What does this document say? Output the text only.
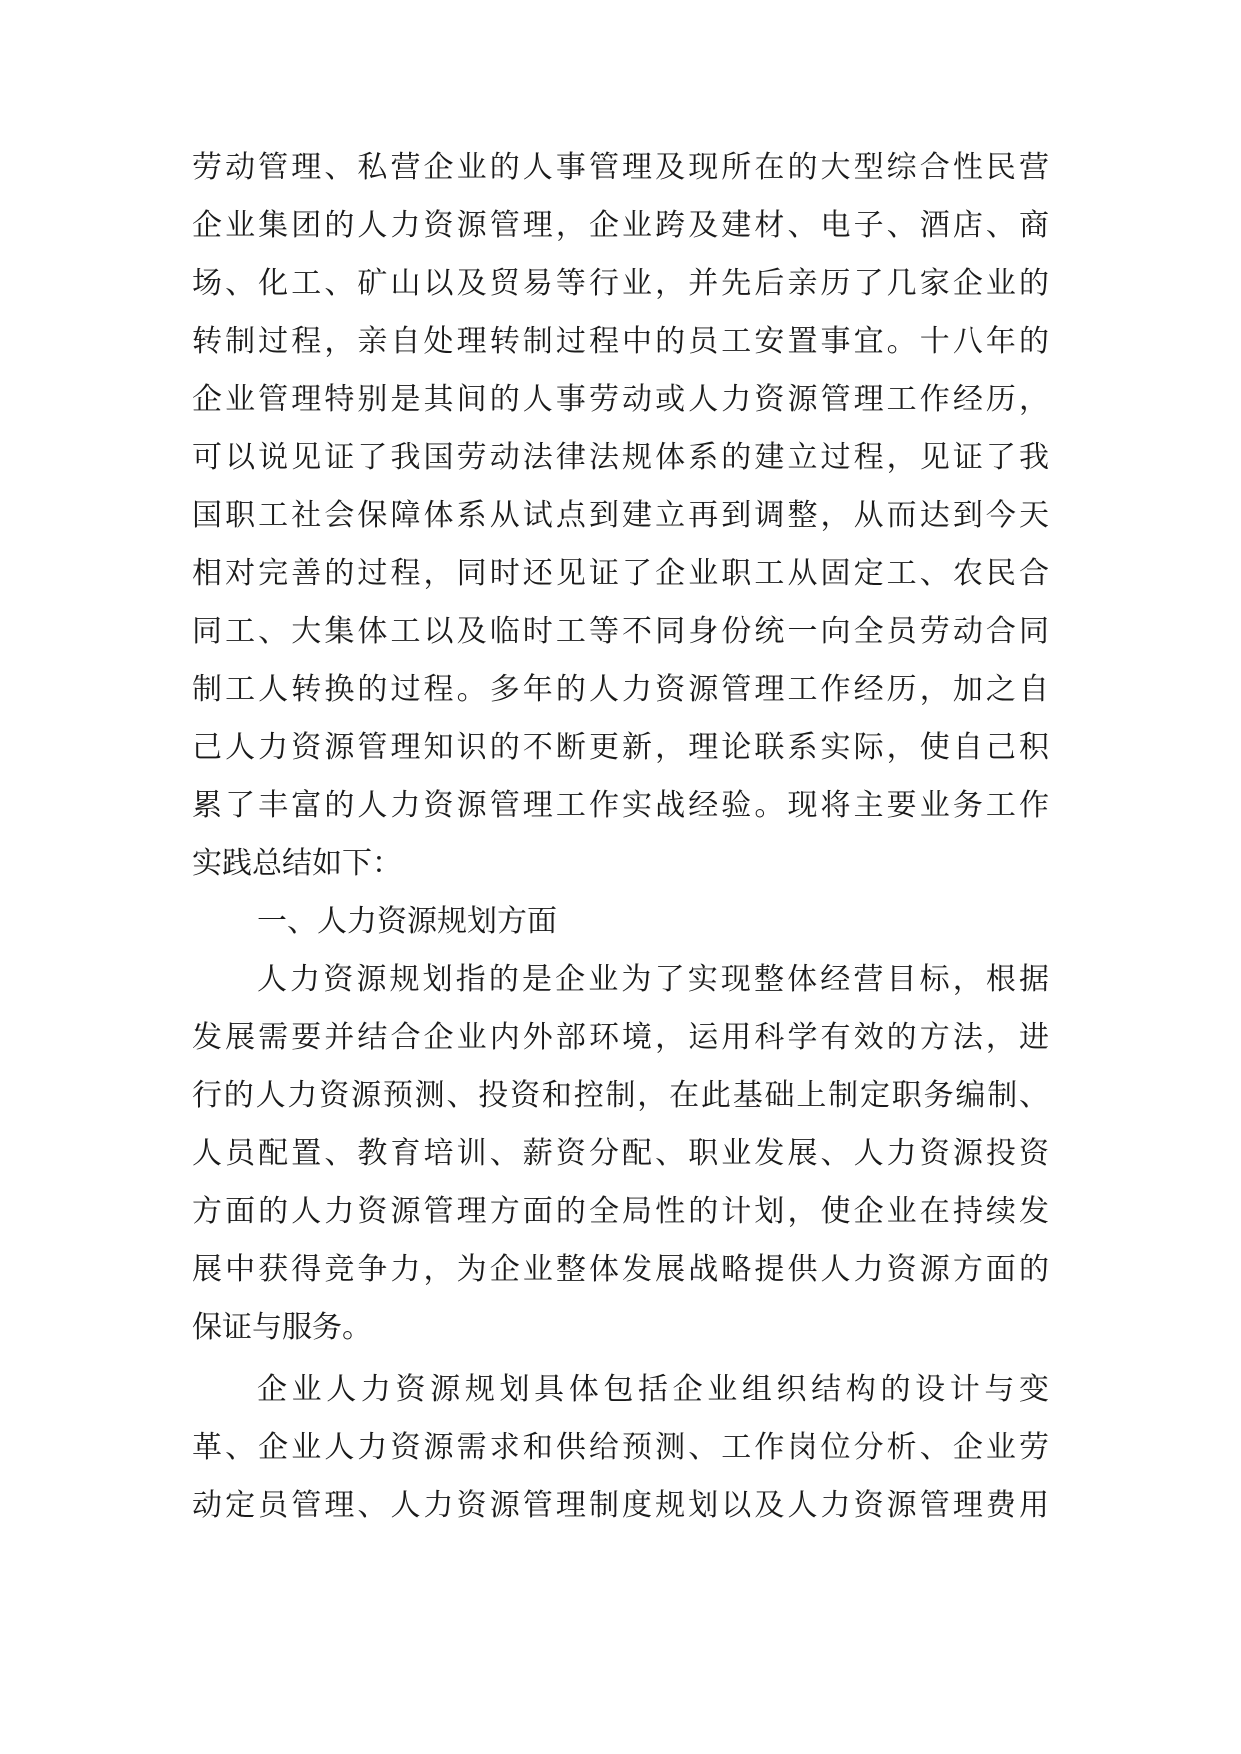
劳动管理、私营企业的人事管理及现所在的大型综合性民营

企业集团的人力资源管理，企业跨及建材、电子、酒店、商

场、化工、矿山以及贸易等行业，并先后亲历了几家企业的

转制过程，亲自处理转制过程中的员工安置事宜。十八年的

企业管理特别是其间的人事劳动或人力资源管理工作经历，

可以说见证了我国劳动法律法规体系的建立过程，见证了我

国职工社会保障体系从试点到建立再到调整，从而达到今天

相对完善的过程，同时还见证了企业职工从固定工、农民合

同工、大集体工以及临时工等不同身份统一向全员劳动合同

制工人转换的过程。多年的人力资源管理工作经历，加之自

己人力资源管理知识的不断更新，理论联系实际，使自己积

累了丰富的人力资源管理工作实战经验。现将主要业务工作

实践总结如下：

一、人力资源规划方面

人力资源规划指的是企业为了实现整体经营目标，根据

发展需要并结合企业内外部环境，运用科学有效的方法，进

行的人力资源预测、投资和控制，在此基础上制定职务编制、

人员配置、教育培训、薪资分配、职业发展、人力资源投资

方面的人力资源管理方面的全局性的计划，使企业在持续发

展中获得竞争力，为企业整体发展战略提供人力资源方面的

保证与服务。

企业人力资源规划具体包括企业组织结构的设计与变

革、企业人力资源需求和供给预测、工作岗位分析、企业劳

动定员管理、人力资源管理制度规划以及人力资源管理费用
